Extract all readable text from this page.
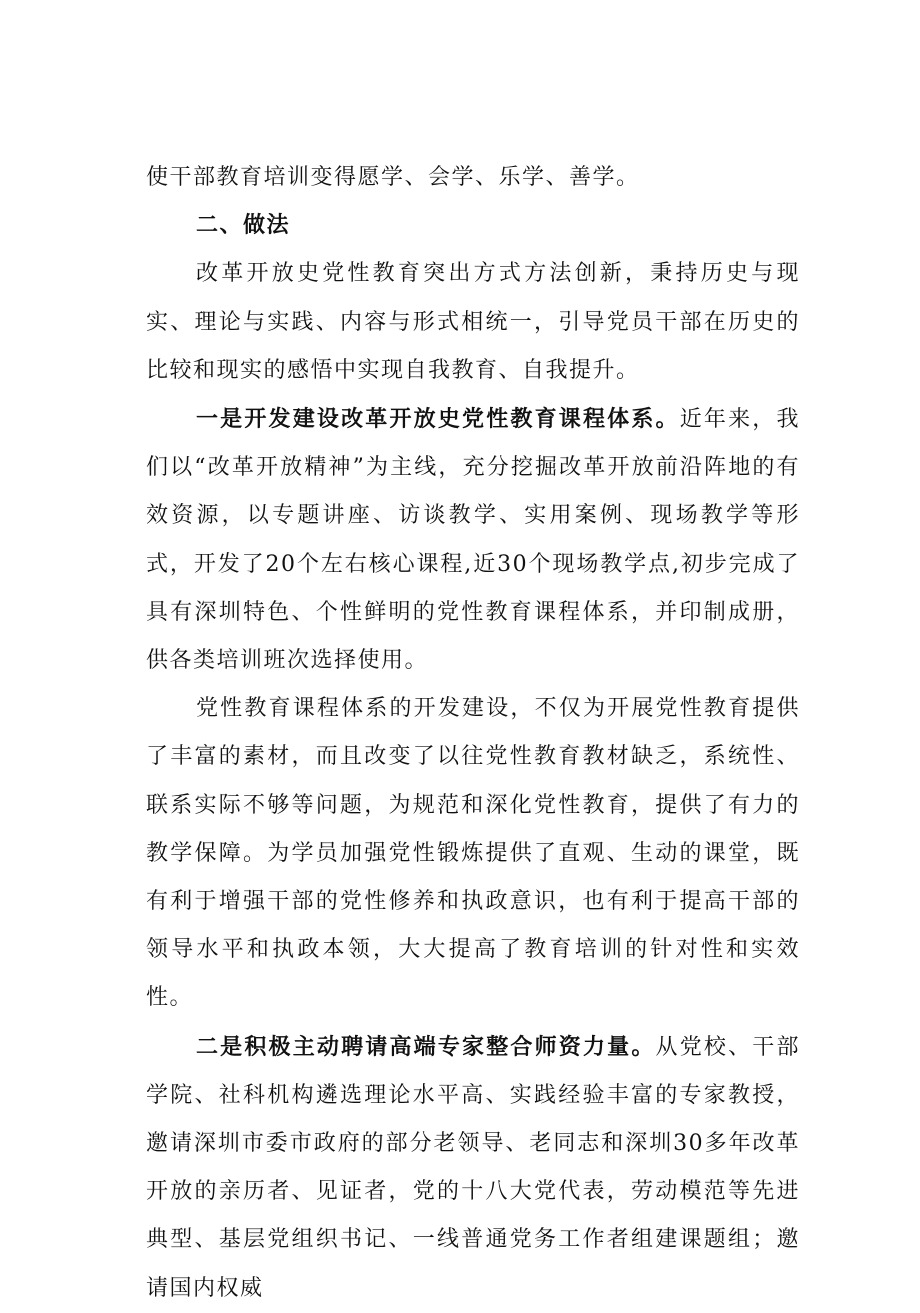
使干部教育培训变得愿学、会学、乐学、善学。

二、做法

改革开放史党性教育突出方式方法创新，秉持历史与现实、理论与实践、内容与形式相统一，引导党员干部在历史的比较和现实的感悟中实现自我教育、自我提升。

一是开发建设改革开放史党性教育课程体系。近年来，我们以“改革开放精神”为主线，充分挖掘改革开放前沿阵地的有效资源，以专题讲座、访谈教学、实用案例、现场教学等形式，开发了20个左右核心课程,近30个现场教学点,初步完成了具有深圳特色、个性鲜明的党性教育课程体系，并印制成册，供各类培训班次选择使用。

党性教育课程体系的开发建设，不仅为开展党性教育提供了丰富的素材，而且改变了以往党性教育教材缺乏，系统性、联系实际不够等问题，为规范和深化党性教育，提供了有力的教学保障。为学员加强党性锻炼提供了直观、生动的课堂，既有利于增强干部的党性修养和执政意识，也有利于提高干部的领导水平和执政本领，大大提高了教育培训的针对性和实效性。

二是积极主动聘请高端专家整合师资力量。从党校、干部学院、社科机构遴选理论水平高、实践经验丰富的专家教授，邀请深圳市委市政府的部分老领导、老同志和深圳30多年改革开放的亲历者、见证者，党的十八大党代表，劳动模范等先进典型、基层党组织书记、一线普通党务工作者组建课题组；邀请国内权威
